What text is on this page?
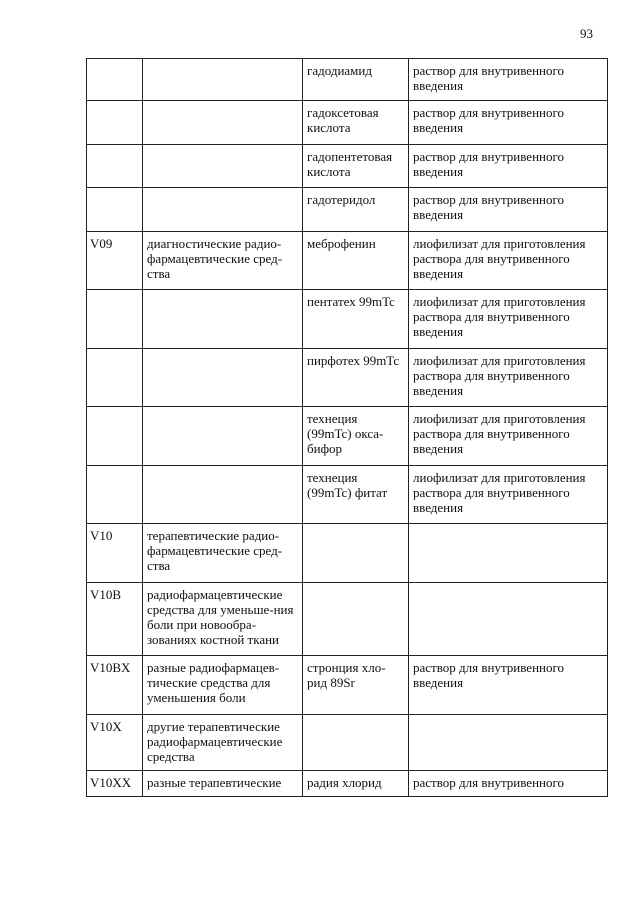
93
		гадодиамид	раствор для внутривенного введения
		гадоксетовая кислота	раствор для внутривенного введения
		гадопентетовая кислота	раствор для внутривенного введения
		гадотеридол	раствор для внутривенного введения
V09	диагностические радио-фармацевтические сред-ства	меброфенин	лиофилизат для приготовления раствора для внутривенного введения
		пентатех 99mTc	лиофилизат для приготовления раствора для внутривенного введения
		пирфотех 99mTc	лиофилизат для приготовления раствора для внутривенного введения
		технеция (99mTc) окса-бифор	лиофилизат для приготовления раствора для внутривенного введения
		технеция (99mTc) фитат	лиофилизат для приготовления раствора для внутривенного введения
V10	терапевтические радио-фармацевтические сред-ства		
V10B	радиофармацевтические средства для уменьше-ния боли при новообра-зованиях костной ткани		
V10BX	разные радиофармацев-тические средства для уменьшения боли	стронция хло-рид 89Sr	раствор для внутривенного введения
V10X	другие терапевтические радиофармацевтические средства		
V10XX	разные терапевтические	радия хлорид	раствор для внутривенного
